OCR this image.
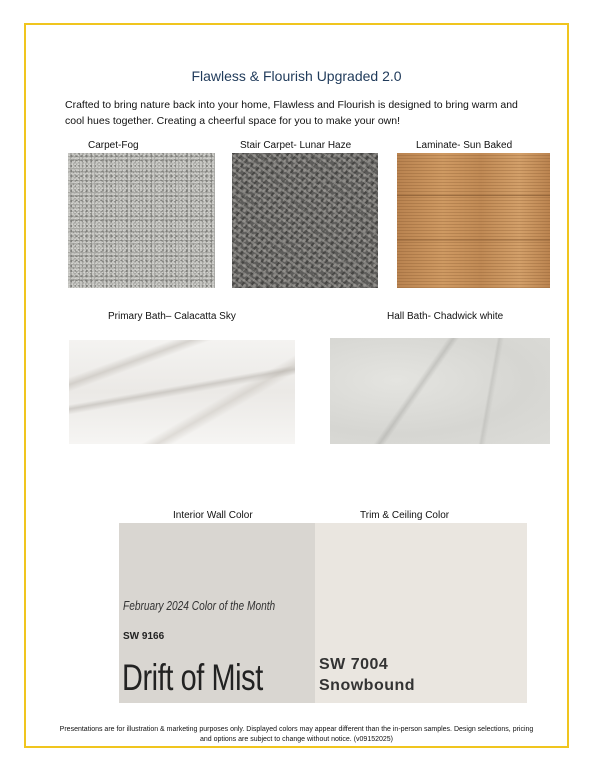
Flawless & Flourish Upgraded 2.0
Crafted to bring nature back into your home, Flawless and Flourish is designed to bring warm and cool hues together. Creating a cheerful space for you to make your own!
Carpet-Fog	Stair Carpet- Lunar Haze	Laminate- Sun Baked
Primary Bath– Calacatta Sky	Hall Bath- Chadwick white
Interior Wall Color	Trim & Ceiling Color
February 2024 Color of the Month
SW 9166
Drift of Mist	SW 7004
Snowbound
Presentations are for illustration & marketing purposes only. Displayed colors may appear different than the in-person samples. Design selections, pricing and options are subject to change without notice. (v09152025)
